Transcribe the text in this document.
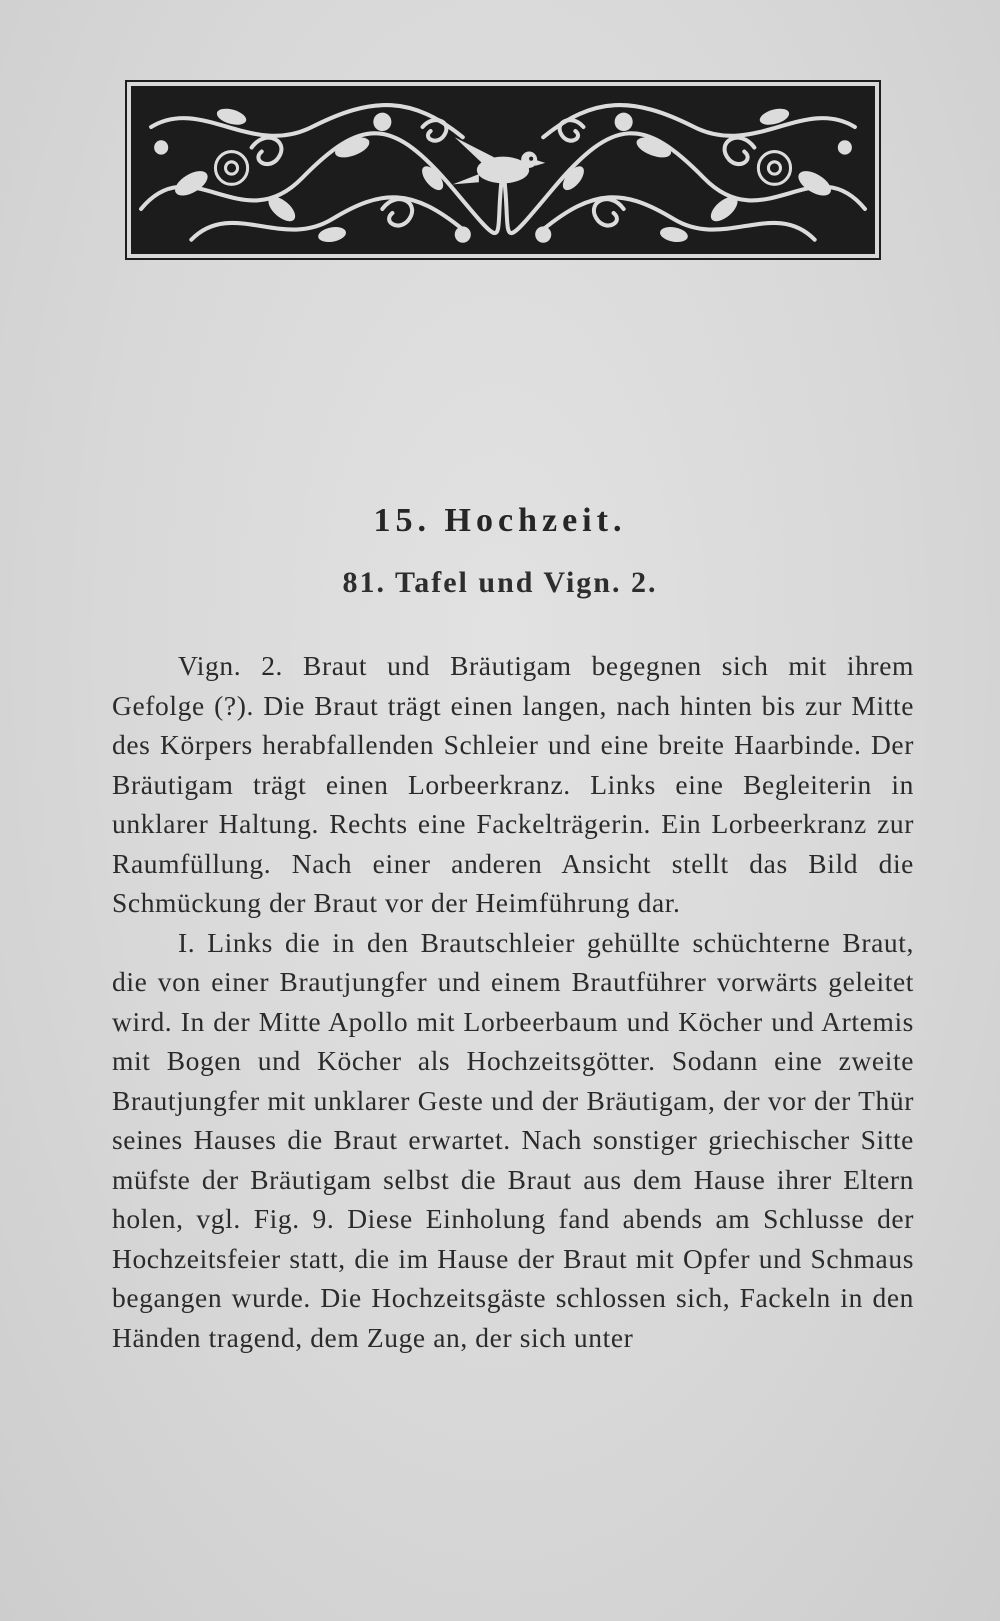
15. Hochzeit.
81. Tafel und Vign. 2.

Vign. 2. Braut und Bräutigam begegnen sich mit ihrem Gefolge (?). Die Braut trägt einen langen, nach hinten bis zur Mitte des Körpers herabfallenden Schleier und eine breite Haarbinde. Der Bräutigam trägt einen Lorbeerkranz. Links eine Begleiterin in unklarer Haltung. Rechts eine Fackelträgerin. Ein Lorbeerkranz zur Raumfüllung. Nach einer anderen Ansicht stellt das Bild die Schmückung der Braut vor der Heimführung dar.

I. Links die in den Brautschleier gehüllte schüchterne Braut, die von einer Brautjungfer und einem Brautführer vorwärts geleitet wird. In der Mitte Apollo mit Lorbeerbaum und Köcher und Artemis mit Bogen und Köcher als Hochzeitsgötter. Sodann eine zweite Brautjungfer mit unklarer Geste und der Bräutigam, der vor der Thür seines Hauses die Braut erwartet. Nach sonstiger griechischer Sitte müfste der Bräutigam selbst die Braut aus dem Hause ihrer Eltern holen, vgl. Fig. 9. Diese Einholung fand abends am Schlusse der Hochzeitsfeier statt, die im Hause der Braut mit Opfer und Schmaus begangen wurde. Die Hochzeitsgäste schlossen sich, Fackeln in den Händen tragend, dem Zuge an, der sich unter
